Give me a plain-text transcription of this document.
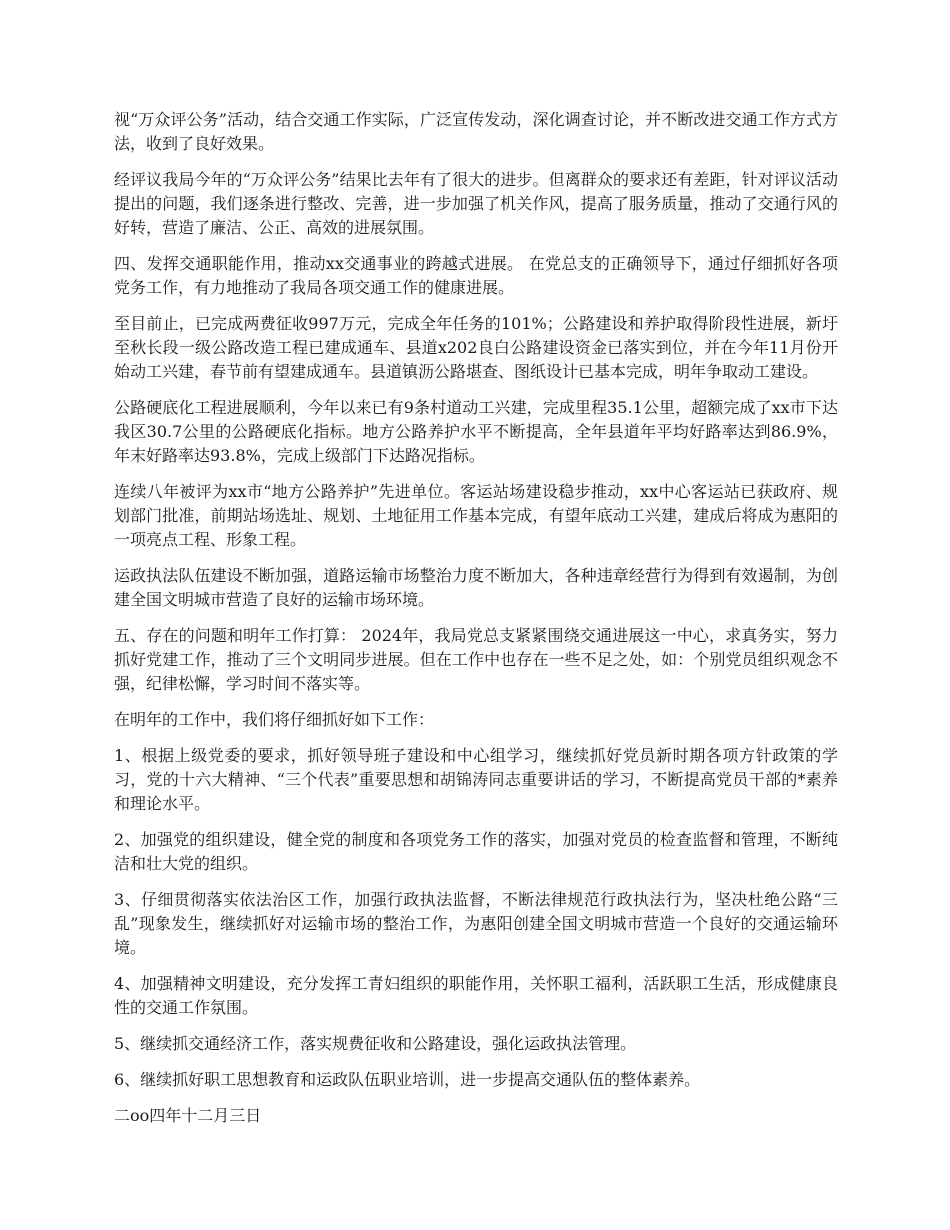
视“万众评公务”活动，结合交通工作实际，广泛宣传发动，深化调查讨论，并不断改进交通工作方式方法，收到了良好效果。

经评议我局今年的“万众评公务”结果比去年有了很大的进步。但离群众的要求还有差距，针对评议活动提出的问题，我们逐条进行整改、完善，进一步加强了机关作风，提高了服务质量，推动了交通行风的好转，营造了廉洁、公正、高效的进展氛围。

四、发挥交通职能作用，推动xx交通事业的跨越式进展。 在党总支的正确领导下，通过仔细抓好各项党务工作，有力地推动了我局各项交通工作的健康进展。

至目前止，已完成两费征收997万元，完成全年任务的101%；公路建设和养护取得阶段性进展，新圩至秋长段一级公路改造工程已建成通车、县道x202良白公路建设资金已落实到位，并在今年11月份开始动工兴建，春节前有望建成通车。县道镇沥公路堪查、图纸设计已基本完成，明年争取动工建设。

公路硬底化工程进展顺利，今年以来已有9条村道动工兴建，完成里程35.1公里，超额完成了xx市下达我区30.7公里的公路硬底化指标。地方公路养护水平不断提高，全年县道年平均好路率达到86.9%，年末好路率达93.8%，完成上级部门下达路况指标。

连续八年被评为xx市“地方公路养护”先进单位。客运站场建设稳步推动，xx中心客运站已获政府、规划部门批准，前期站场选址、规划、土地征用工作基本完成，有望年底动工兴建，建成后将成为惠阳的一项亮点工程、形象工程。

运政执法队伍建设不断加强，道路运输市场整治力度不断加大，各种违章经营行为得到有效遏制，为创建全国文明城市营造了良好的运输市场环境。

五、存在的问题和明年工作打算： 2024年，我局党总支紧紧围绕交通进展这一中心，求真务实，努力抓好党建工作，推动了三个文明同步进展。但在工作中也存在一些不足之处，如：个别党员组织观念不强，纪律松懈，学习时间不落实等。

在明年的工作中，我们将仔细抓好如下工作：

1、根据上级党委的要求，抓好领导班子建设和中心组学习，继续抓好党员新时期各项方针政策的学习，党的十六大精神、“三个代表”重要思想和胡锦涛同志重要讲话的学习，不断提高党员干部的*素养和理论水平。

2、加强党的组织建设，健全党的制度和各项党务工作的落实，加强对党员的检查监督和管理，不断纯洁和壮大党的组织。

3、仔细贯彻落实依法治区工作，加强行政执法监督，不断法律规范行政执法行为，坚决杜绝公路“三乱”现象发生，继续抓好对运输市场的整治工作，为惠阳创建全国文明城市营造一个良好的交通运输环境。

4、加强精神文明建设，充分发挥工青妇组织的职能作用，关怀职工福利，活跃职工生活，形成健康良性的交通工作氛围。

5、继续抓交通经济工作，落实规费征收和公路建设，强化运政执法管理。

6、继续抓好职工思想教育和运政队伍职业培训，进一步提高交通队伍的整体素养。

二oo四年十二月三日
